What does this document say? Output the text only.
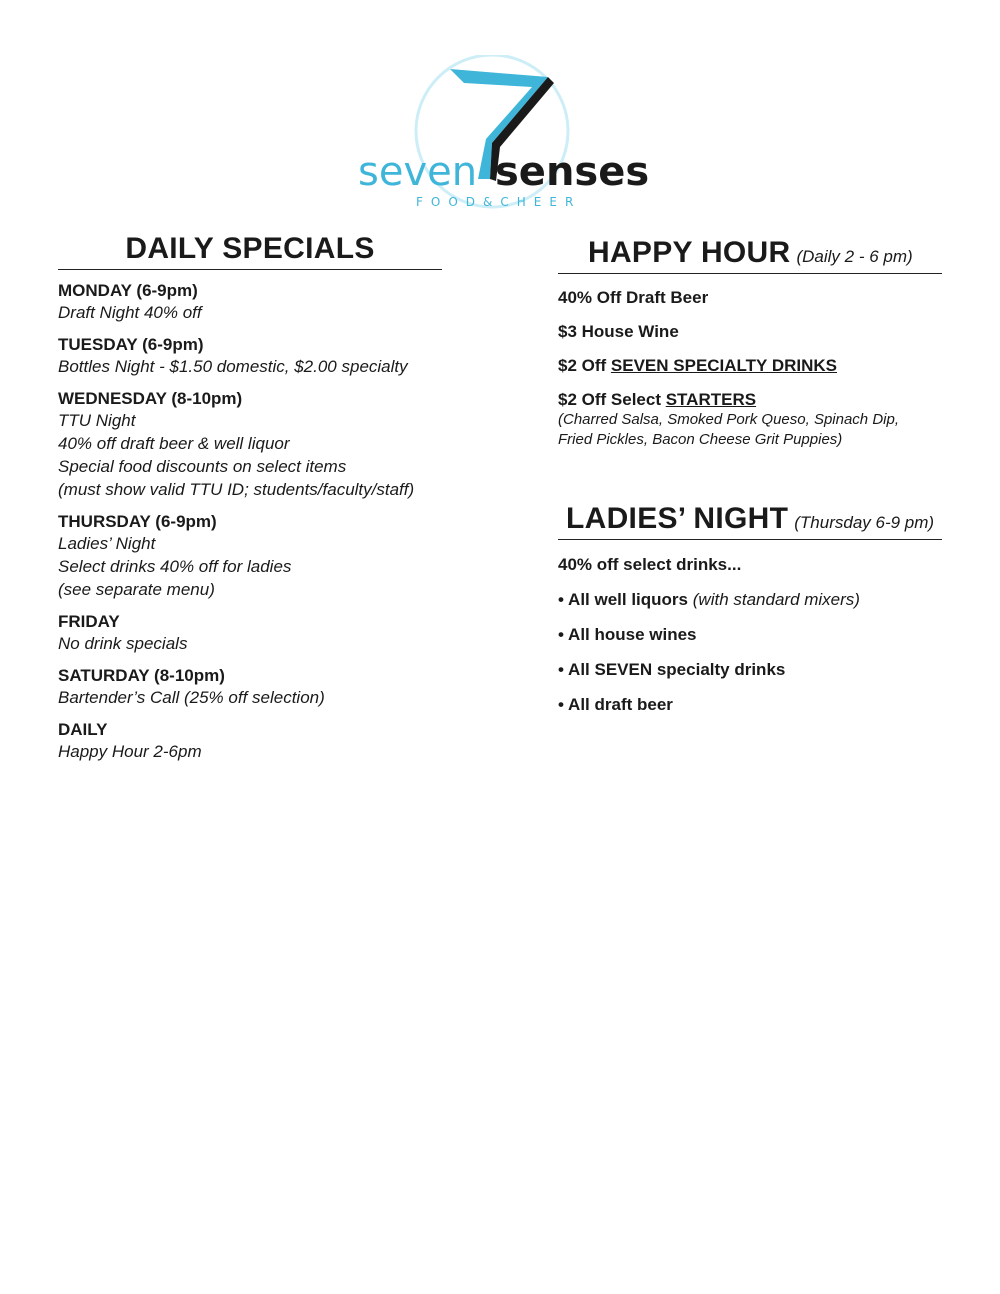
seven senses
FOOD&CHEER
DAILY SPECIALS
MONDAY (6-9pm)
Draft Night 40% off
TUESDAY (6-9pm)
Bottles Night - $1.50 domestic, $2.00 specialty
WEDNESDAY (8-10pm)
TTU Night
40% off draft beer & well liquor
Special food discounts on select items
(must show valid TTU ID; students/faculty/staff)
THURSDAY (6-9pm)
Ladies’ Night
Select drinks 40% off for ladies
(see separate menu)
FRIDAY
No drink specials
SATURDAY (8-10pm)
Bartender’s Call (25% off selection)
DAILY
Happy Hour 2-6pm
HAPPY HOUR (Daily 2 - 6 pm)
40% Off Draft Beer
$3 House Wine
$2 Off SEVEN SPECIALTY DRINKS
$2 Off Select STARTERS
(Charred Salsa, Smoked Pork Queso, Spinach Dip,
Fried Pickles, Bacon Cheese Grit Puppies)
LADIES’ NIGHT (Thursday 6-9 pm)
40% off select drinks...
• All well liquors (with standard mixers)
• All house wines
• All SEVEN specialty drinks
• All draft beer
